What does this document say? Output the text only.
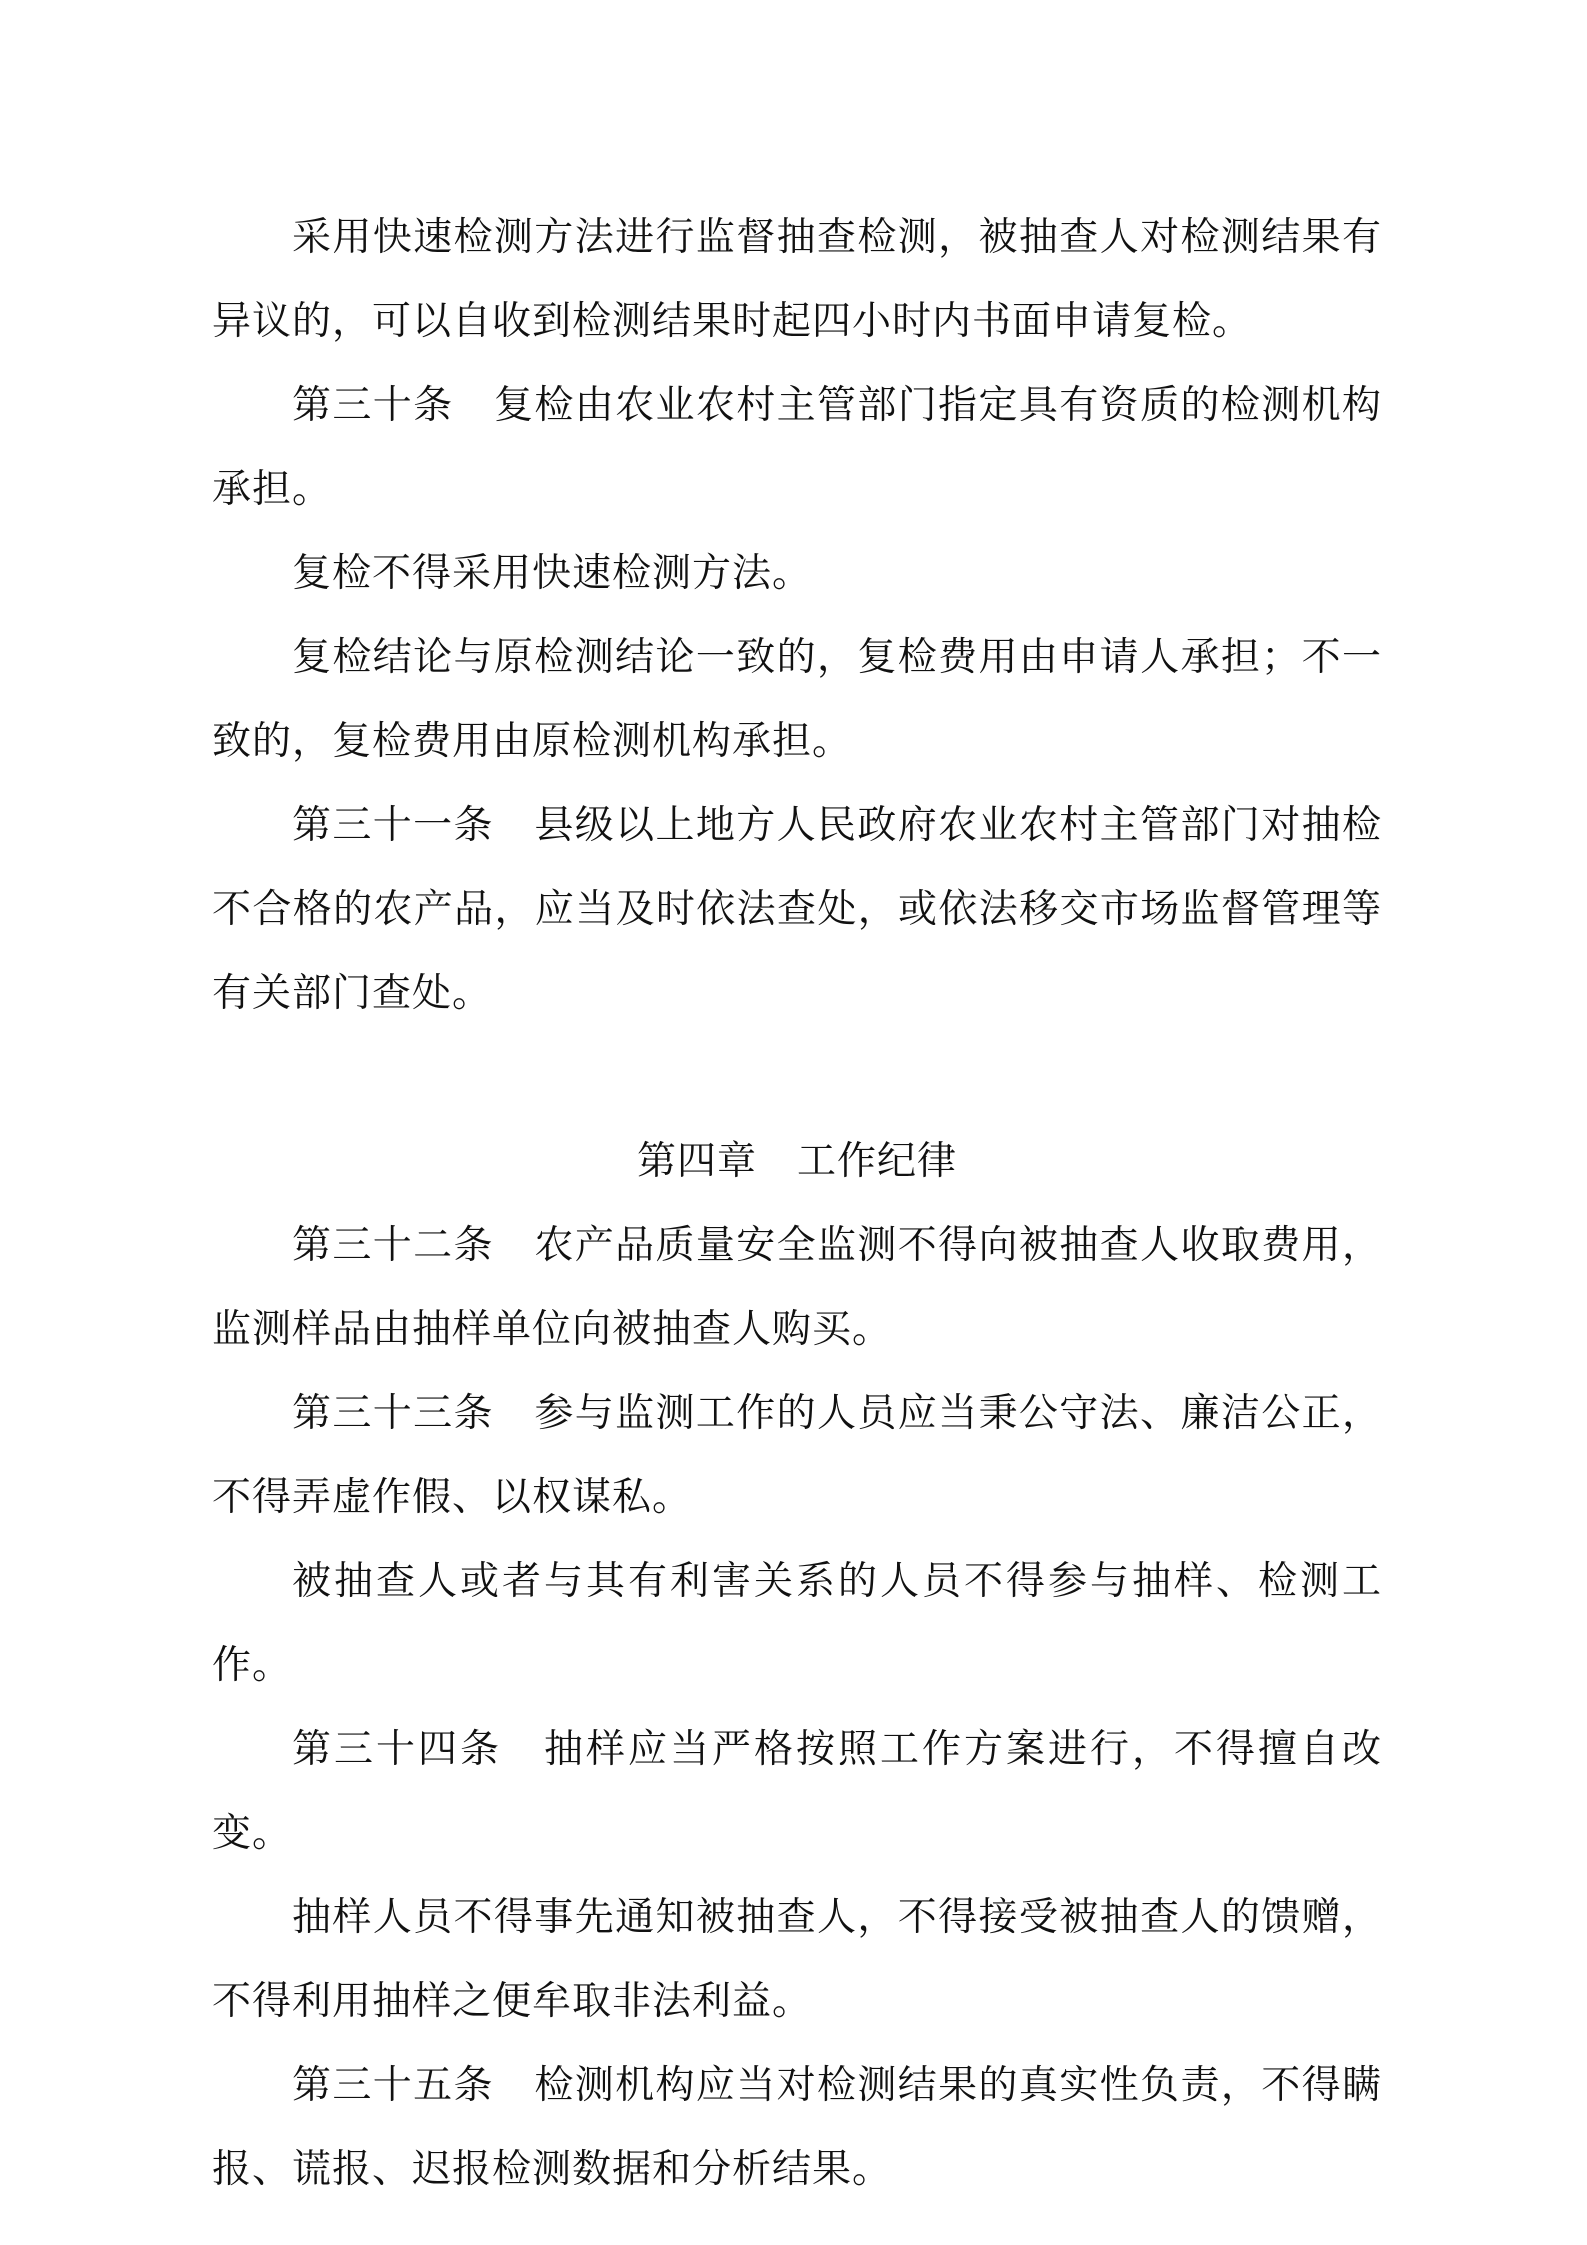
采用快速检测方法进行监督抽查检测，被抽查人对检测结果有异议的，可以自收到检测结果时起四小时内书面申请复检。

第三十条　 复检由农业农村主管部门指定具有资质的检测机构承担。

复检不得采用快速检测方法。

复检结论与原检测结论一致的，复检费用由申请人承担；不一致的，复检费用由原检测机构承担。

第三十一条　 县级以上地方人民政府农业农村主管部门对抽检不合格的农产品，应当及时依法查处，或依法移交市场监督管理等有关部门查处。

第四章　工作纪律

第三十二条　 农产品质量安全监测不得向被抽查人收取费用，监测样品由抽样单位向被抽查人购买。

第三十三条　 参与监测工作的人员应当秉公守法、廉洁公正，不得弄虚作假、以权谋私。

被抽查人或者与其有利害关系的人员不得参与抽样、检测工作。

第三十四条　 抽样应当严格按照工作方案进行，不得擅自改变。

抽样人员不得事先通知被抽查人，不得接受被抽查人的馈赠，不得利用抽样之便牟取非法利益。

第三十五条　 检测机构应当对检测结果的真实性负责，不得瞒报、谎报、迟报检测数据和分析结果。
